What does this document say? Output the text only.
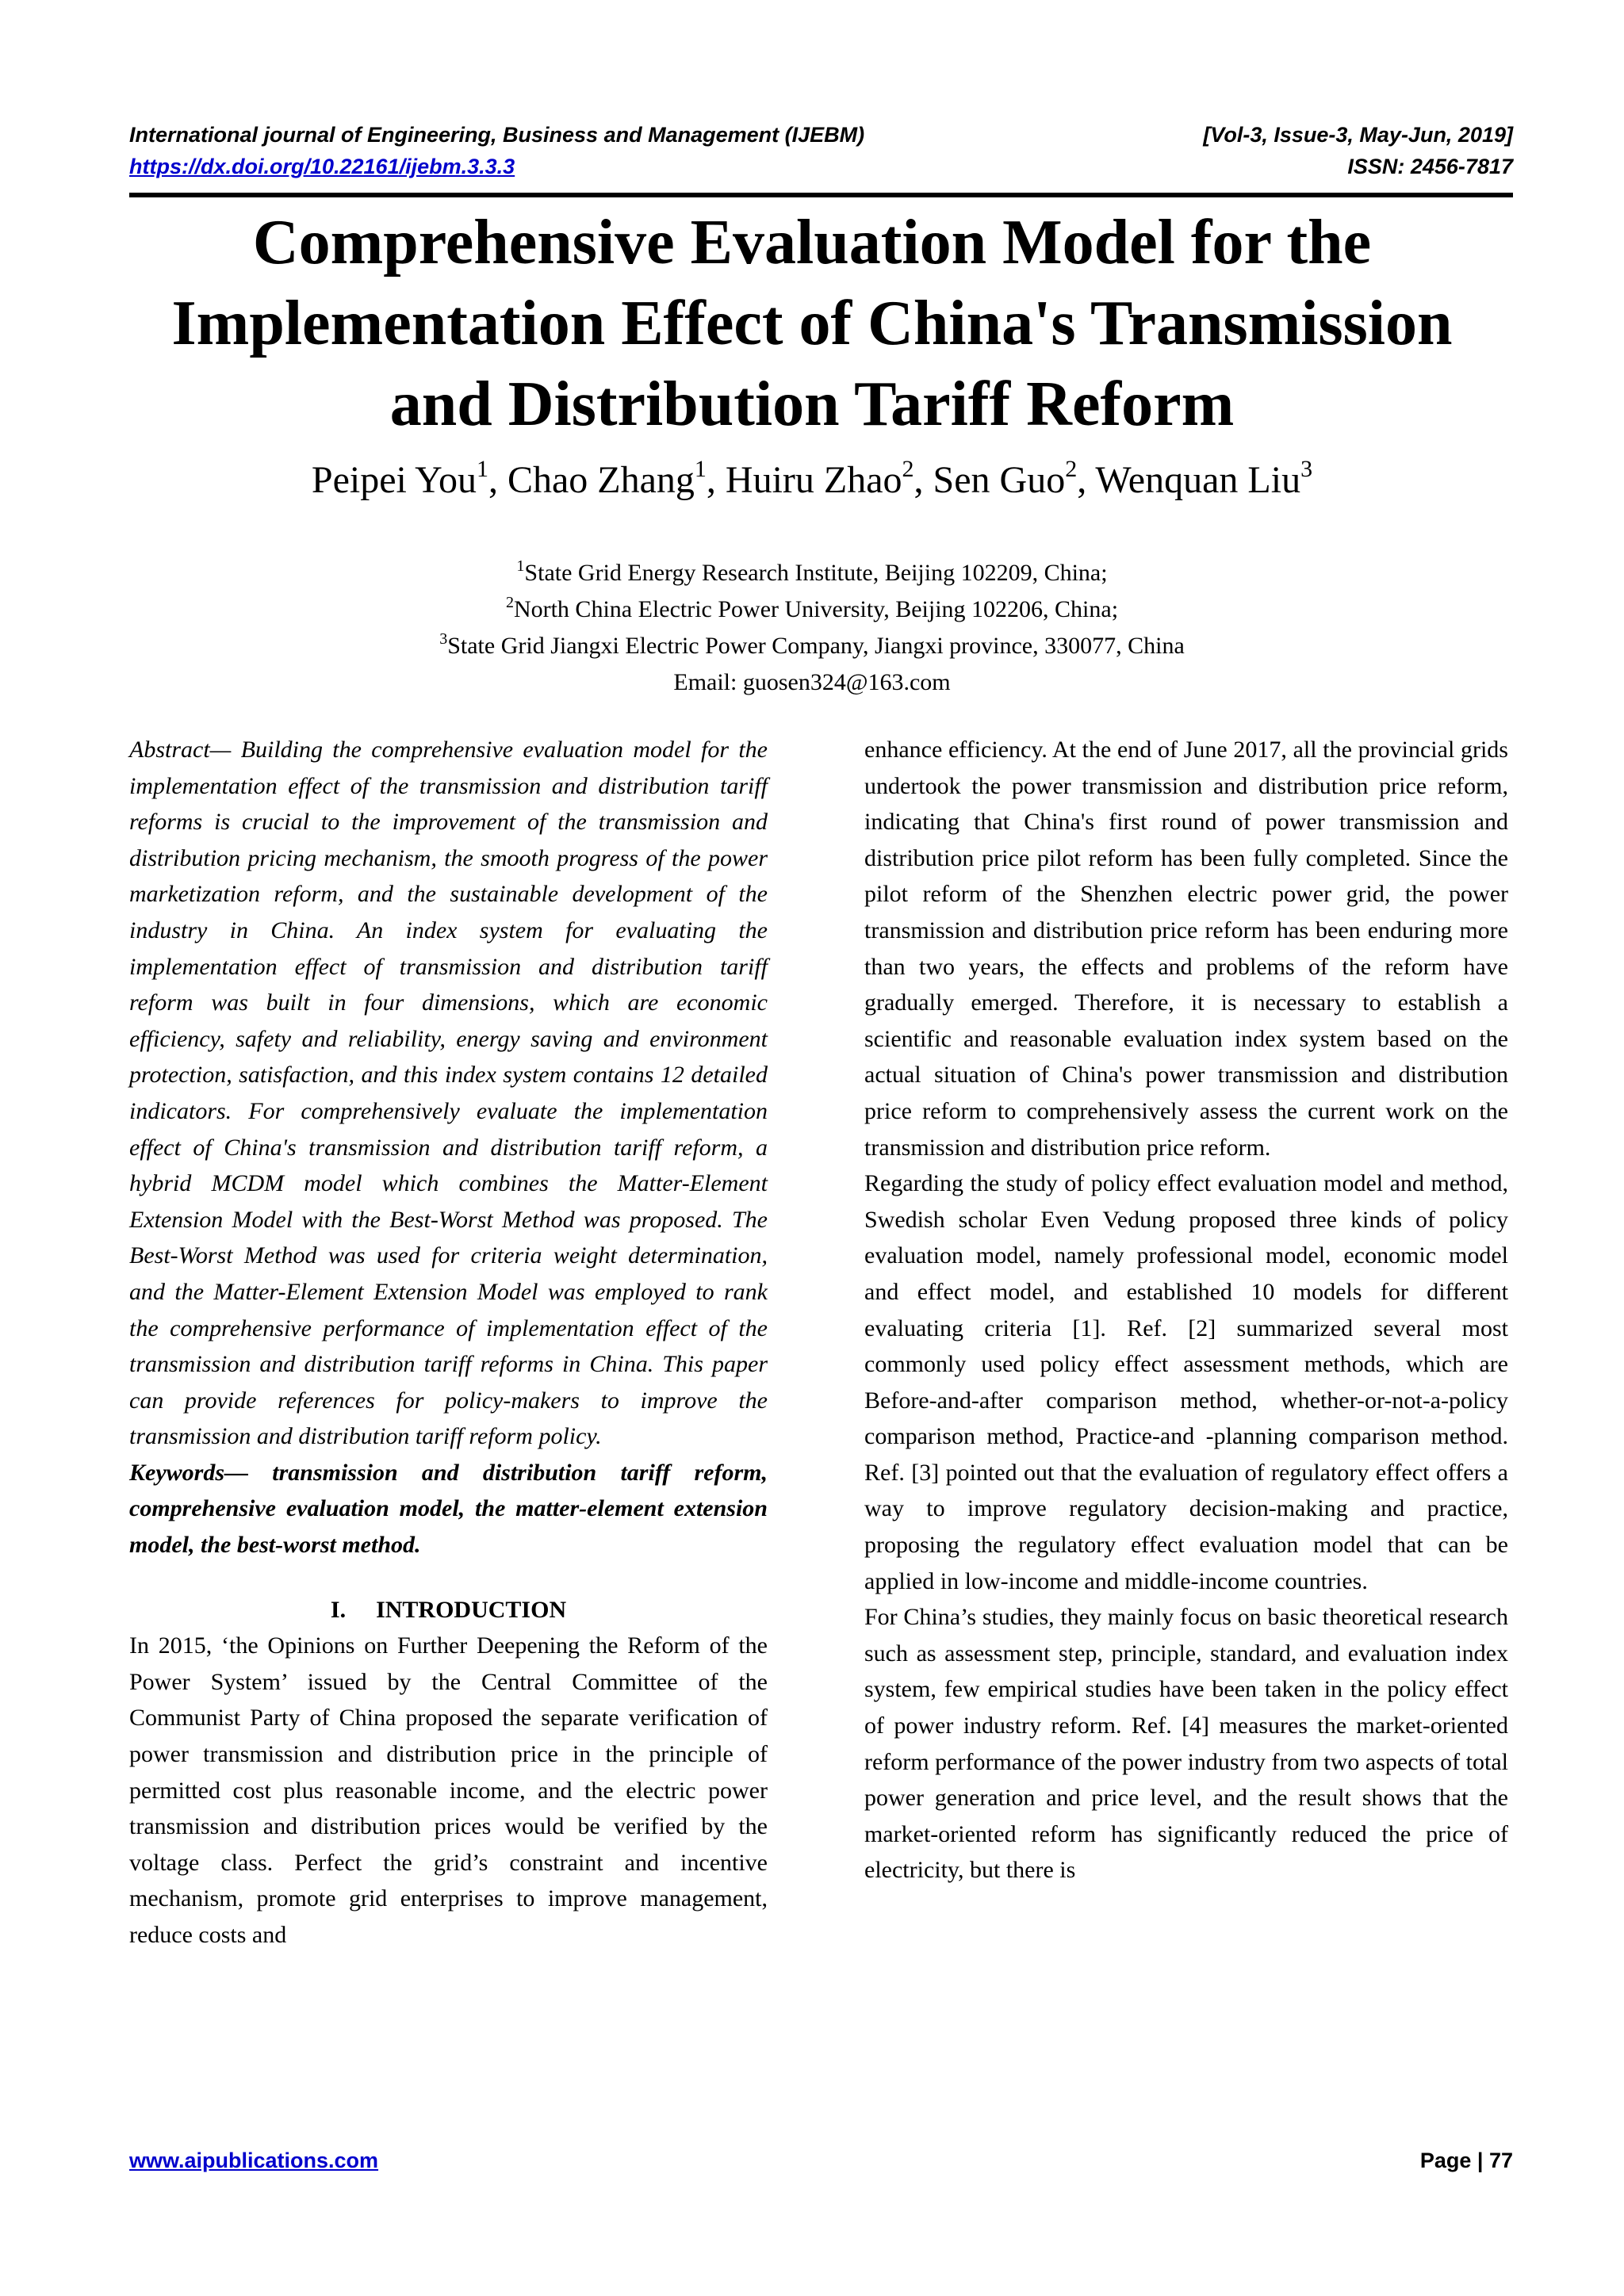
International journal of Engineering, Business and Management (IJEBM)	[Vol-3, Issue-3, May-Jun, 2019]
https://dx.doi.org/10.22161/ijebm.3.3.3	ISSN: 2456-7817
Comprehensive Evaluation Model for the
Implementation Effect of China's Transmission
and Distribution Tariff Reform
Peipei You$^1$, Chao Zhang$^1$, Huiru Zhao$^2$, Sen Guo$^2$, Wenquan Liu$^3$
$^1$State Grid Energy Research Institute, Beijing 102209, China;
$^2$North China Electric Power University, Beijing 102206, China;
$^3$State Grid Jiangxi Electric Power Company, Jiangxi province, 330077, China
Email: guosen324@163.com

Abstract— Building the comprehensive evaluation model for the implementation effect of the transmission and distribution tariff reforms is crucial to the improvement of the transmission and distribution pricing mechanism, the smooth progress of the power marketization reform, and the sustainable development of the industry in China. An index system for evaluating the implementation effect of transmission and distribution tariff reform was built in four dimensions, which are economic efficiency, safety and reliability, energy saving and environment protection, satisfaction, and this index system contains 12 detailed indicators. For comprehensively evaluate the implementation effect of China's transmission and distribution tariff reform, a hybrid MCDM model which combines the Matter-Element Extension Model with the Best-Worst Method was proposed. The Best-Worst Method was used for criteria weight determination, and the Matter-Element Extension Model was employed to rank the comprehensive performance of implementation effect of the transmission and distribution tariff reforms in China. This paper can provide references for policy-makers to improve the transmission and distribution tariff reform policy.

Keywords— transmission and distribution tariff reform, comprehensive evaluation model, the matter-element extension model, the best-worst method.

I. INTRODUCTION

In 2015, ‘the Opinions on Further Deepening the Reform of the Power System’ issued by the Central Committee of the Communist Party of China proposed the separate verification of power transmission and distribution price in the principle of permitted cost plus reasonable income, and the electric power transmission and distribution prices would be verified by the voltage class. Perfect the grid’s constraint and incentive mechanism, promote grid enterprises to improve management, reduce costs and

enhance efficiency. At the end of June 2017, all the provincial grids undertook the power transmission and distribution price reform, indicating that China's first round of power transmission and distribution price pilot reform has been fully completed. Since the pilot reform of the Shenzhen electric power grid, the power transmission and distribution price reform has been enduring more than two years, the effects and problems of the reform have gradually emerged. Therefore, it is necessary to establish a scientific and reasonable evaluation index system based on the actual situation of China's power transmission and distribution price reform to comprehensively assess the current work on the transmission and distribution price reform.

Regarding the study of policy effect evaluation model and method, Swedish scholar Even Vedung proposed three kinds of policy evaluation model, namely professional model, economic model and effect model, and established 10 models for different evaluating criteria [1]. Ref. [2] summarized several most commonly used policy effect assessment methods, which are Before-and-after comparison method, whether-or-not-a-policy comparison method, Practice-and -planning comparison method. Ref. [3] pointed out that the evaluation of regulatory effect offers a way to improve regulatory decision-making and practice, proposing the regulatory effect evaluation model that can be applied in low-income and middle-income countries.

For China’s studies, they mainly focus on basic theoretical research such as assessment step, principle, standard, and evaluation index system, few empirical studies have been taken in the policy effect of power industry reform. Ref. [4] measures the market-oriented reform performance of the power industry from two aspects of total power generation and price level, and the result shows that the market-oriented reform has significantly reduced the price of electricity, but there is

www.aipublications.com	Page | 77
